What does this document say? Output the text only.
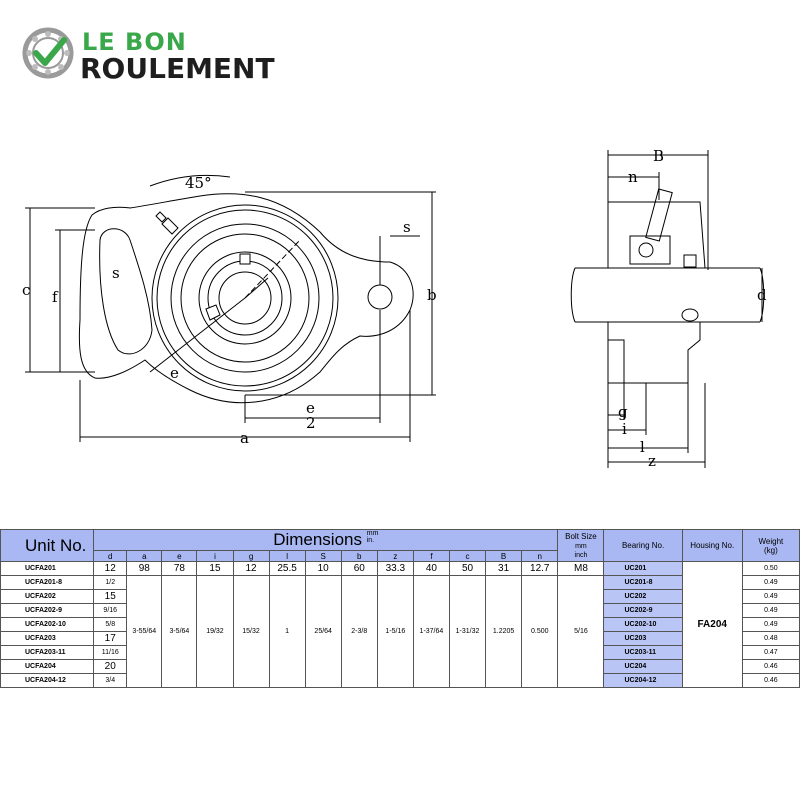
LE BON
ROULEMENT
45°
s
s
c f
e
e
2
a
b
B
n
d
g
i
l
z
Unit No.	Dimensions mm
in.													Bolt Size
mm
inch	Bearing No.	Housing No.	Weight
(kg)
	d	a	e	i	g	l	S	b	z	f	c	B	n				
UCFA201	12	98	78	15	12	25.5	10	60	33.3	40	50	31	12.7	M8	UC201	FA204	0.50
UCFA201-8	1/2	3-55/64	3-5/64	19/32	15/32	1	25/64	2-3/8	1-5/16	1-37/64	1-31/32	1.2205	0.500	5/16	UC201-8		0.49
UCFA202	15														UC202		0.49
UCFA202-9	9/16														UC202-9		0.49
UCFA202-10	5/8														UC202-10		0.49
UCFA203	17														UC203		0.48
UCFA203-11	11/16														UC203-11		0.47
UCFA204	20														UC204		0.46
UCFA204-12	3/4														UC204-12		0.46
